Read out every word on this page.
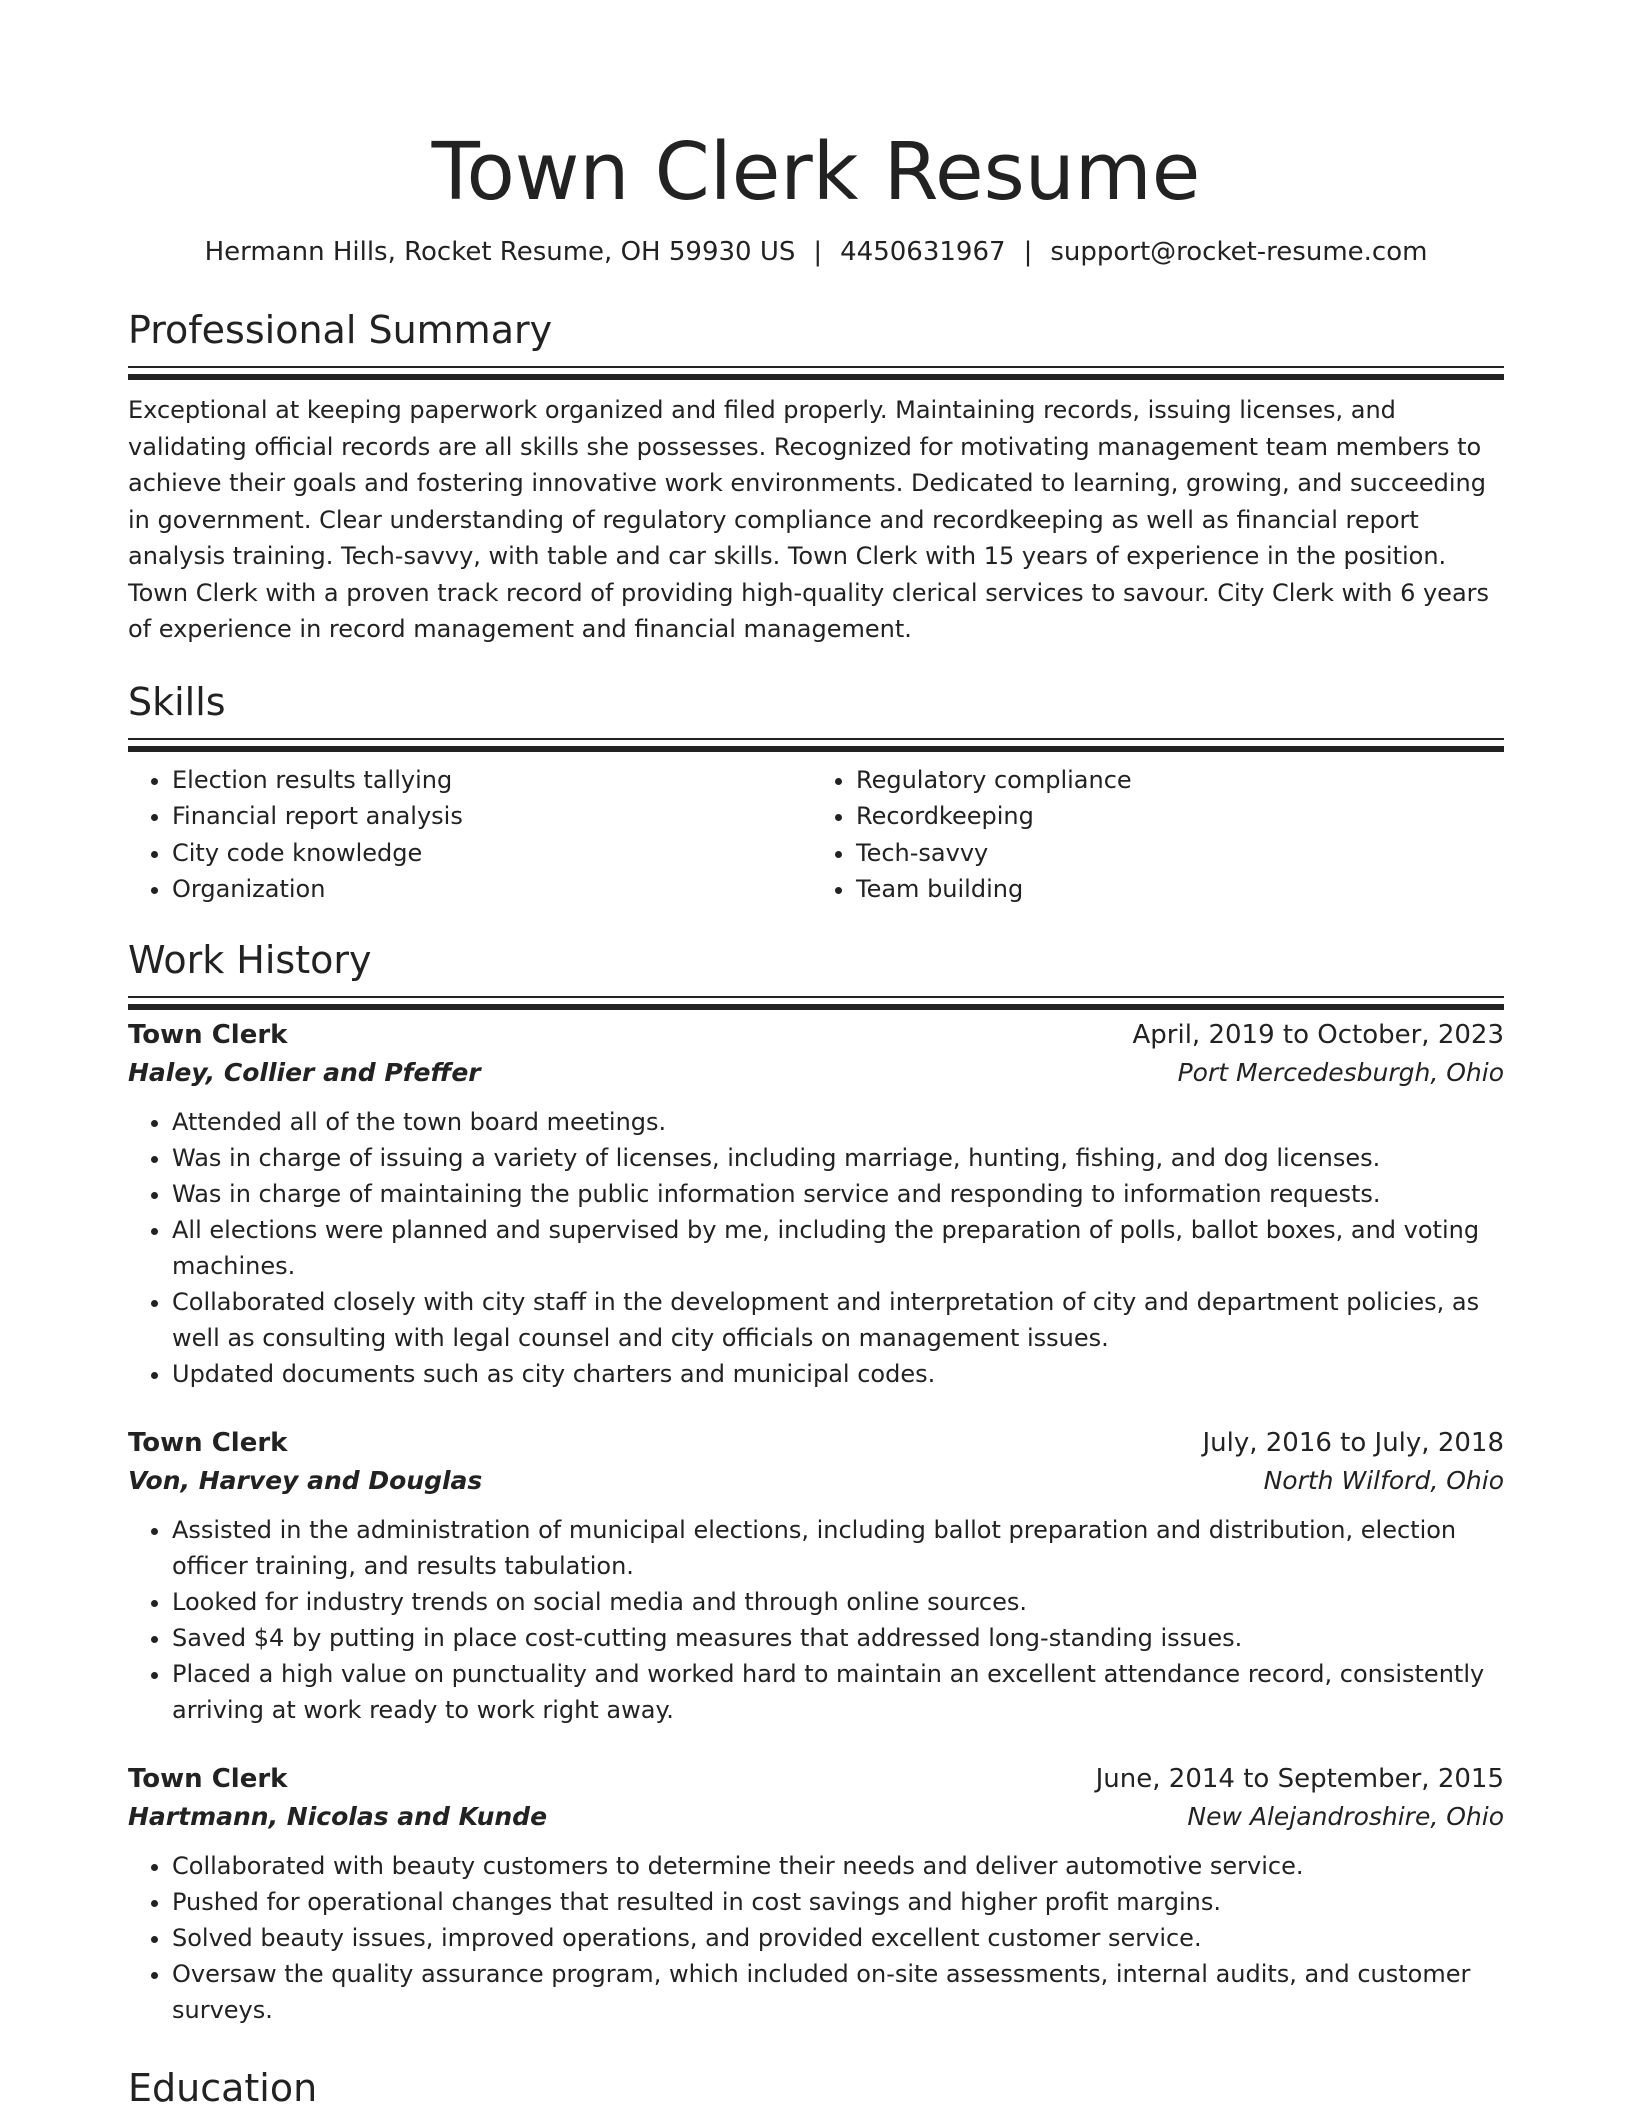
Town Clerk Resume
Hermann Hills, Rocket Resume, OH 59930 US | 4450631967 | support@rocket-resume.com
Professional Summary

Exceptional at keeping paperwork organized and filed properly. Maintaining records, issuing licenses, and validating official records are all skills she possesses. Recognized for motivating management team members to achieve their goals and fostering innovative work environments. Dedicated to learning, growing, and succeeding in government. Clear understanding of regulatory compliance and recordkeeping as well as financial report analysis training. Tech-savvy, with table and car skills. Town Clerk with 15 years of experience in the position. Town Clerk with a proven track record of providing high-quality clerical services to savour. City Clerk with 6 years of experience in record management and financial management.

Skills
• Election results tallying
• Financial report analysis
• City code knowledge
• Organization
• Regulatory compliance
• Recordkeeping
• Tech-savvy
• Team building
Work History
Town Clerk	April, 2019 to October, 2023
Haley, Collier and Pfeffer	Port Mercedesburgh, Ohio
• Attended all of the town board meetings.
• Was in charge of issuing a variety of licenses, including marriage, hunting, fishing, and dog licenses.
• Was in charge of maintaining the public information service and responding to information requests.
• All elections were planned and supervised by me, including the preparation of polls, ballot boxes, and voting machines.
• Collaborated closely with city staff in the development and interpretation of city and department policies, as well as consulting with legal counsel and city officials on management issues.
• Updated documents such as city charters and municipal codes.
Town Clerk	July, 2016 to July, 2018
Von, Harvey and Douglas	North Wilford, Ohio
• Assisted in the administration of municipal elections, including ballot preparation and distribution, election officer training, and results tabulation.
• Looked for industry trends on social media and through online sources.
• Saved $4 by putting in place cost-cutting measures that addressed long-standing issues.
• Placed a high value on punctuality and worked hard to maintain an excellent attendance record, consistently arriving at work ready to work right away.
Town Clerk	June, 2014 to September, 2015
Hartmann, Nicolas and Kunde	New Alejandroshire, Ohio
• Collaborated with beauty customers to determine their needs and deliver automotive service.
• Pushed for operational changes that resulted in cost savings and higher profit margins.
• Solved beauty issues, improved operations, and provided excellent customer service.
• Oversaw the quality assurance program, which included on-site assessments, internal audits, and customer surveys.
Education
